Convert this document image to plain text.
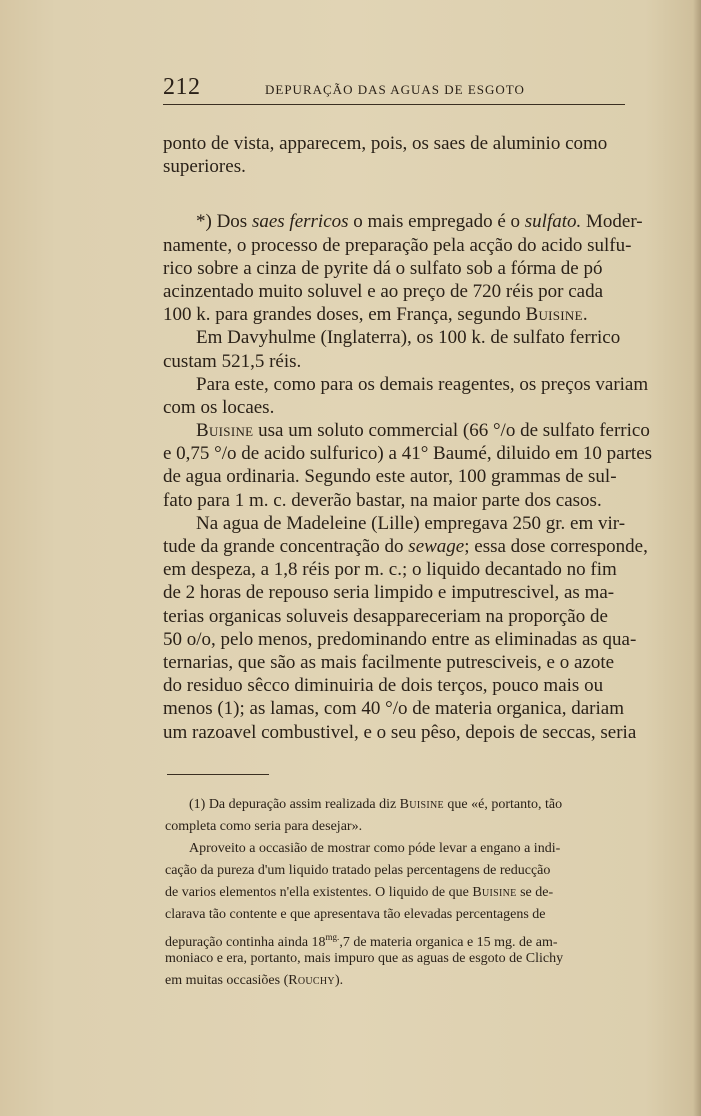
212	DEPURAÇÃO DAS AGUAS DE ESGOTO
ponto de vista, apparecem, pois, os saes de aluminio como
superiores.
*) Dos saes ferricos o mais empregado é o sulfato. Moder-
namente, o processo de preparação pela acção do acido sulfu-
rico sobre a cinza de pyrite dá o sulfato sob a fórma de pó
acinzentado muito soluvel e ao preço de 720 réis por cada
100 k. para grandes doses, em França, segundo Buisine.
Em Davyhulme (Inglaterra), os 100 k. de sulfato ferrico
custam 521,5 réis.
Para este, como para os demais reagentes, os preços variam
com os locaes.
Buisine usa um soluto commercial (66 °/o de sulfato ferrico
e 0,75 °/o de acido sulfurico) a 41° Baumé, diluido em 10 partes
de agua ordinaria. Segundo este autor, 100 grammas de sul-
fato para 1 m. c. deverão bastar, na maior parte dos casos.
Na agua de Madeleine (Lille) empregava 250 gr. em vir-
tude da grande concentração do sewage; essa dose corresponde,
em despeza, a 1,8 réis por m. c.; o liquido decantado no fim
de 2 horas de repouso seria limpido e imputrescivel, as ma-
terias organicas soluveis desappareceriam na proporção de
50 o/o, pelo menos, predominando entre as eliminadas as qua-
ternarias, que são as mais facilmente putresciveis, e o azote
do residuo sêcco diminuiria de dois terços, pouco mais ou
menos (1); as lamas, com 40 °/o de materia organica, dariam
um razoavel combustivel, e o seu pêso, depois de seccas, seria
(1) Da depuração assim realizada diz Buisine que «é, portanto, tão
completa como seria para desejar».
Aproveito a occasião de mostrar como póde levar a engano a indi-
cação da pureza d'um liquido tratado pelas percentagens de reducção
de varios elementos n'ella existentes. O liquido de que Buisine se de-
clarava tão contente e que apresentava tão elevadas percentagens de
depuração continha ainda $18^{mg.},7$ de materia organica e 15 mg. de am-
moniaco e era, portanto, mais impuro que as aguas de esgoto de Clichy
em muitas occasiões (Rouchy).
